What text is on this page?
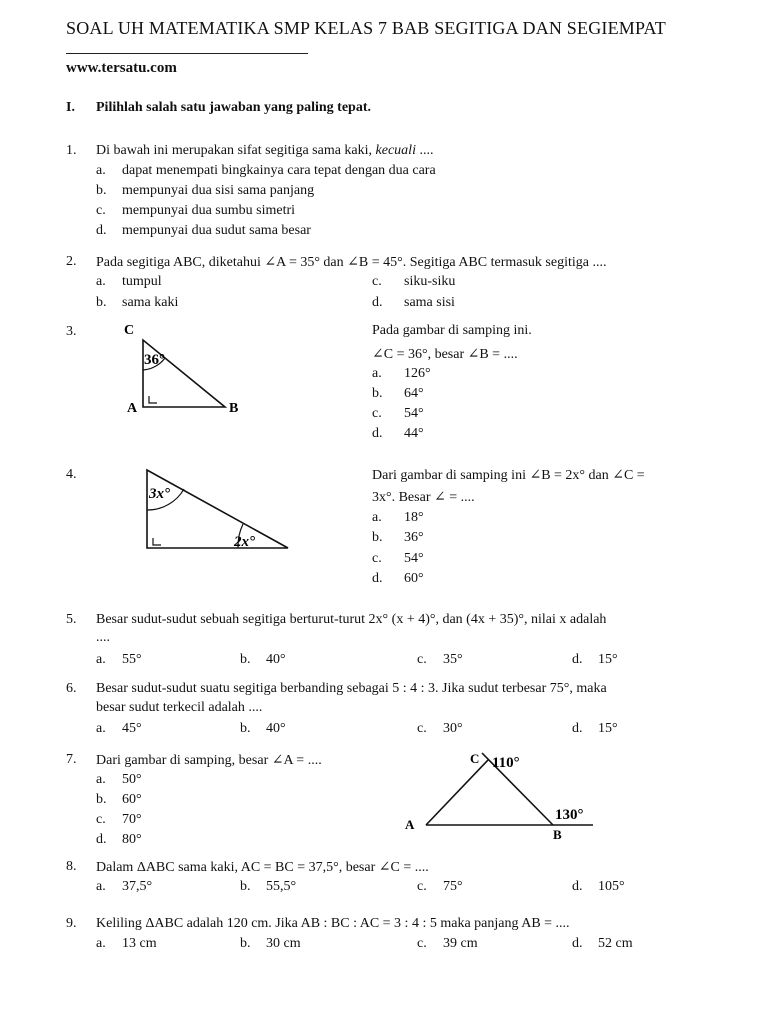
SOAL UH MATEMATIKA SMP KELAS 7 BAB SEGITIGA DAN SEGIEMPAT
www.tersatu.com
I. Pilihlah salah satu jawaban yang paling tepat.
1. Di bawah ini merupakan sifat segitiga sama kaki, kecuali ....
a. dapat menempati bingkainya cara tepat dengan dua cara
b. mempunyai dua sisi sama panjang
c. mempunyai dua sumbu simetri
d. mempunyai dua sudut sama besar
2. Pada segitiga ABC, diketahui ∠A = 35° dan ∠B = 45°. Segitiga ABC termasuk segitiga ....
a. tumpul	c. siku-siku
b. sama kaki	d. sama sisi
3.	C
A	B
36°
Pada gambar di samping ini.
∠C = 36°, besar ∠B = ....
a. 126°
b. 64°
c. 54°
d. 44°
4.
3x°
2x°
Dari gambar di samping ini ∠B = 2x° dan ∠C =
3x°. Besar ∠ = ....
a. 18°
b. 36°
c. 54°
d. 60°
5. Besar sudut-sudut sebuah segitiga berturut-turut 2x° (x + 4)°, dan (4x + 35)°, nilai x adalah
....
a. 55°	b. 40°	c. 35°	d. 15°
6. Besar sudut-sudut suatu segitiga berbanding sebagai 5 : 4 : 3. Jika sudut terbesar 75°, maka
besar sudut terkecil adalah ....
a. 45°	b. 40°	c. 30°	d. 15°
7. Dari gambar di samping, besar ∠A = ....
a. 50°
b. 60°
c. 70°
d. 80°
C
A
B
110°
130°
8. Dalam ΔABC sama kaki, AC = BC = 37,5°, besar ∠C = ....
a. 37,5°	b. 55,5°	c. 75°	d. 105°
9. Keliling ΔABC adalah 120 cm. Jika AB : BC : AC = 3 : 4 : 5 maka panjang AB = ....
a. 13 cm	b. 30 cm	c. 39 cm	d. 52 cm
